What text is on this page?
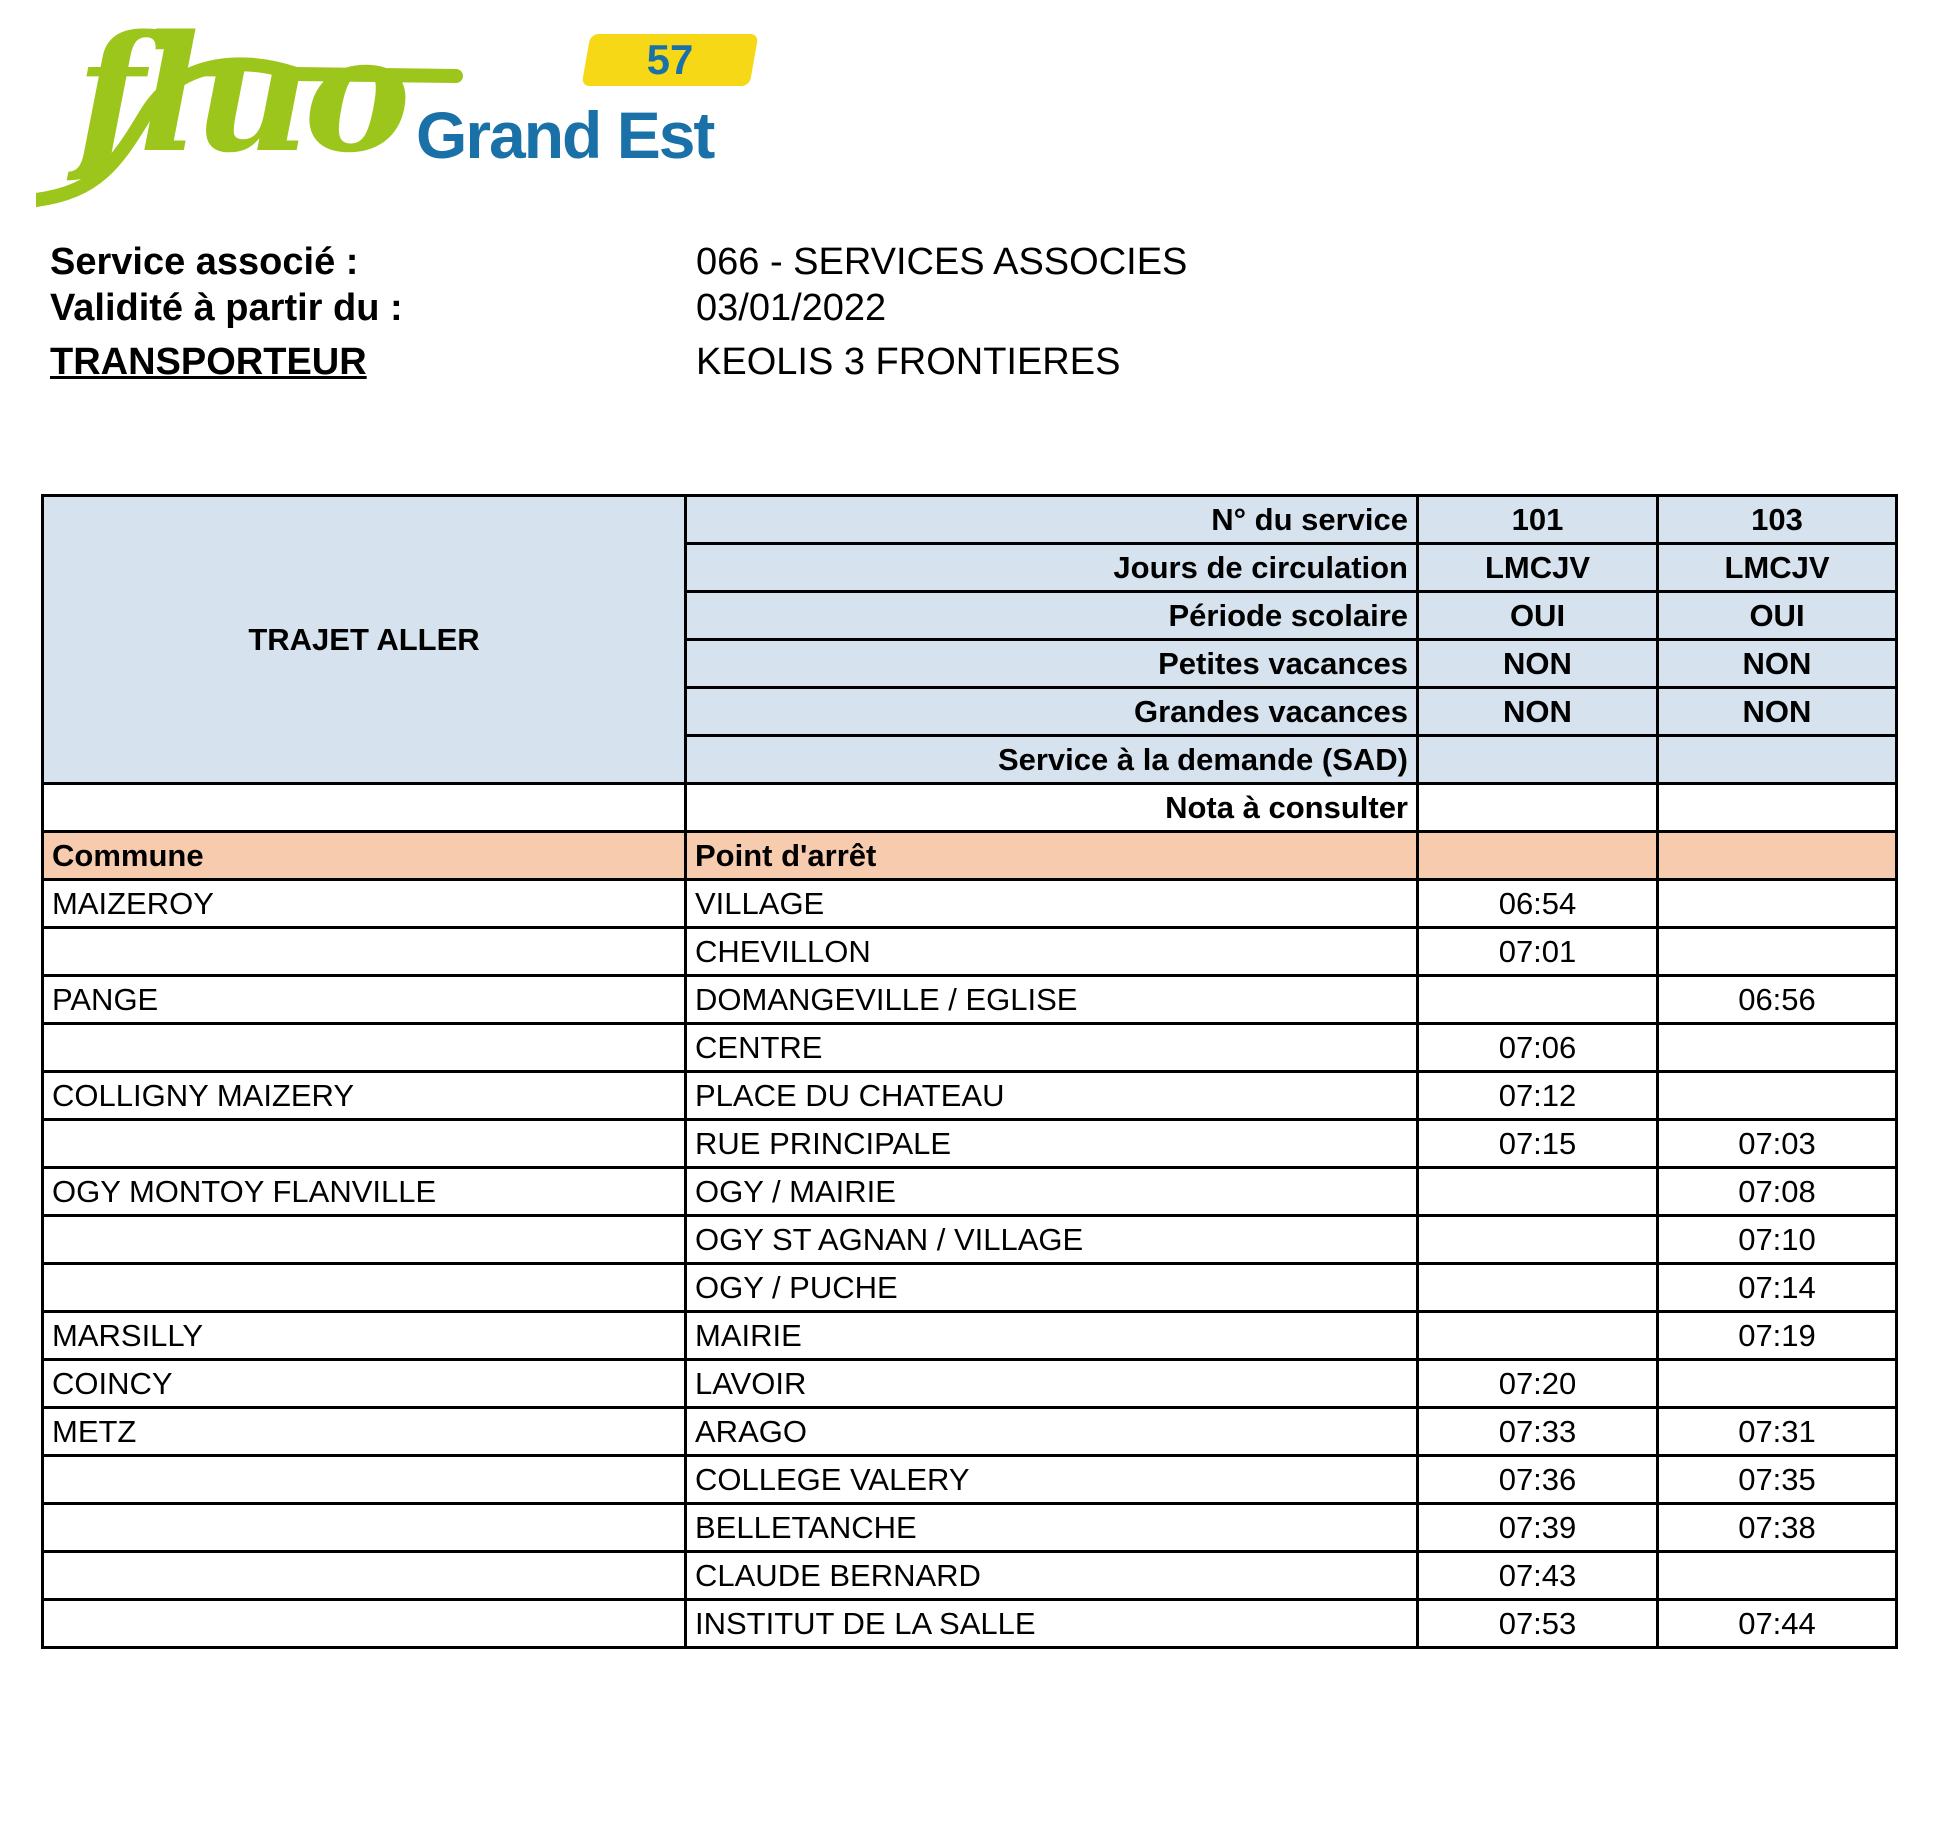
fluo	57
Grand Est
Service associé :	066 - SERVICES ASSOCIES
Validité à partir du :	03/01/2022
TRANSPORTEUR	KEOLIS 3 FRONTIERES
TRAJET ALLER	N° du service	101	103
	Jours de circulation	LMCJV	LMCJV
	Période scolaire	OUI	OUI
	Petites vacances	NON	NON
	Grandes vacances	NON	NON
	Service à la demande (SAD)		
	Nota à consulter		
Commune	Point d'arrêt		
MAIZEROY	VILLAGE	06:54	
	CHEVILLON	07:01	
PANGE	DOMANGEVILLE / EGLISE		06:56
	CENTRE	07:06	
COLLIGNY MAIZERY	PLACE DU CHATEAU	07:12	
	RUE PRINCIPALE	07:15	07:03
OGY MONTOY FLANVILLE	OGY / MAIRIE		07:08
	OGY ST AGNAN / VILLAGE		07:10
	OGY / PUCHE		07:14
MARSILLY	MAIRIE		07:19
COINCY	LAVOIR	07:20	
METZ	ARAGO	07:33	07:31
	COLLEGE VALERY	07:36	07:35
	BELLETANCHE	07:39	07:38
	CLAUDE BERNARD	07:43	
	INSTITUT DE LA SALLE	07:53	07:44
